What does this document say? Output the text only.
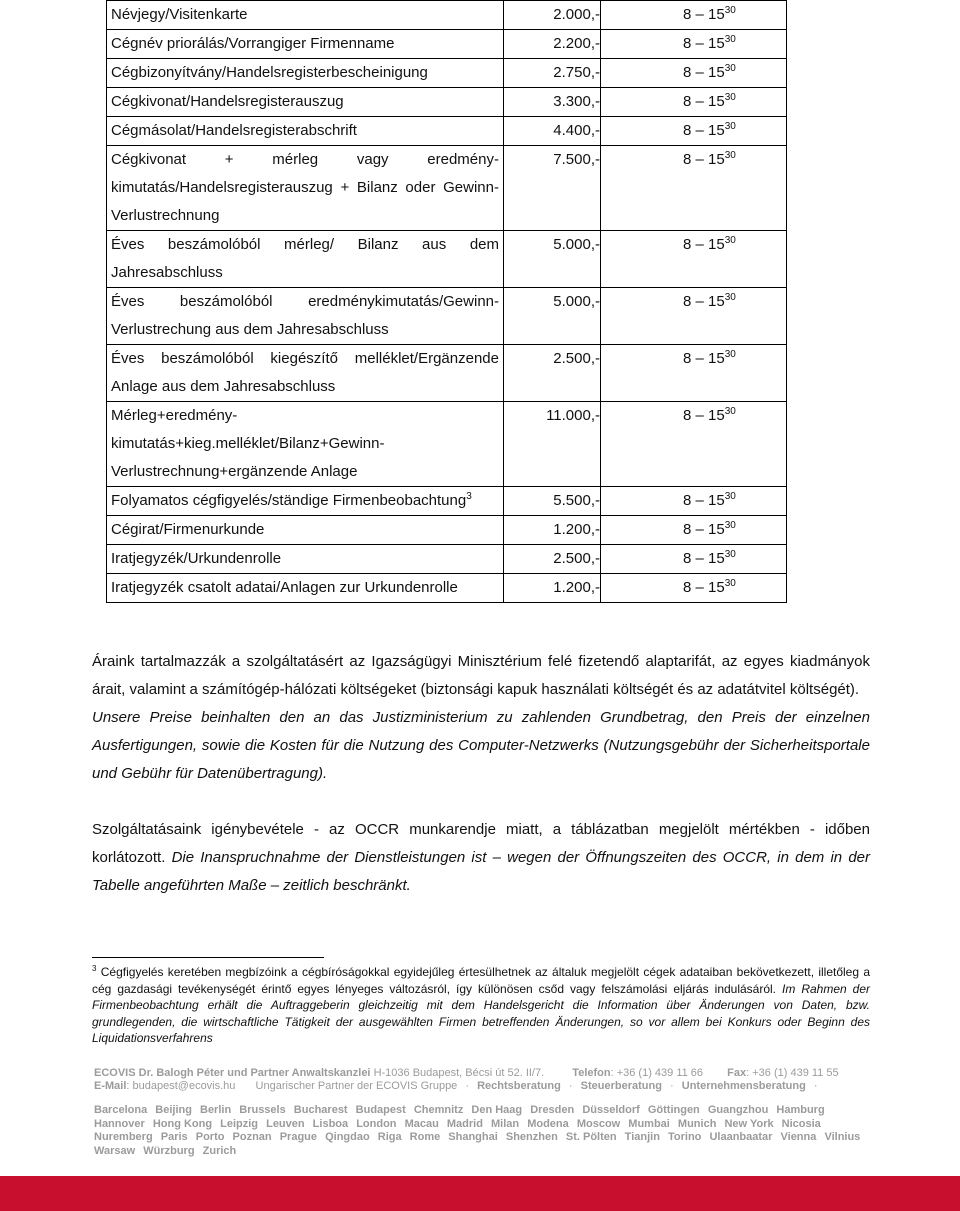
Névjegy/Visitenkarte	2.000,-	$8 - 15^{30}$
Cégnév priorálás/Vorrangiger Firmenname	2.200,-	$8 - 15^{30}$
Cégbizonyítvány/Handelsregisterbescheinigung	2.750,-	$8 - 15^{30}$
Cégkivonat/Handelsregisterauszug	3.300,-	$8 - 15^{30}$
Cégmásolat/Handelsregisterabschrift	4.400,-	$8 - 15^{30}$
Cégkivonat + mérleg vagy eredmény-kimutatás/Handelsregisterauszug + Bilanz oder Gewinn-Verlustrechnung	7.500,-	$8 - 15^{30}$
Éves beszámolóból mérleg/ Bilanz aus dem Jahresabschluss	5.000,-	$8 - 15^{30}$
Éves beszámolóból eredménykimutatás/Gewinn-Verlustrechung aus dem Jahresabschluss	5.000,-	$8 - 15^{30}$
Éves beszámolóból kiegészítő melléklet/Ergänzende Anlage aus dem Jahresabschluss	2.500,-	$8 - 15^{30}$
Mérleg+eredmény-kimutatás+kieg.melléklet/Bilanz+Gewinn-Verlustrechnung+ergänzende Anlage	11.000,-	$8 - 15^{30}$
Folyamatos cégfigyelés/ständige Firmenbeobachtung$^3$	5.500,-	$8 - 15^{30}$
Cégirat/Firmenurkunde	1.200,-	$8 - 15^{30}$
Iratjegyzék/Urkundenrolle	2.500,-	$8 - 15^{30}$
Iratjegyzék csatolt adatai/Anlagen zur Urkundenrolle	1.200,-	$8 - 15^{30}$
Áraink tartalmazzák a szolgáltatásért az Igazságügyi Minisztérium felé fizetendő alaptarifát, az egyes kiadmányok árait, valamint a számítógép-hálózati költségeket (biztonsági kapuk használati költségét és az adatátvitel költségét).
Unsere Preise beinhalten den an das Justizministerium zu zahlenden Grundbetrag, den Preis der einzelnen Ausfertigungen, sowie die Kosten für die Nutzung des Computer-Netzwerks (Nutzungsgebühr der Sicherheitsportale und Gebühr für Datenübertragung).
Szolgáltatásaink igénybevétele - az OCCR munkarendje miatt, a táblázatban megjelölt mértékben - időben korlátozott. Die Inanspruchnahme der Dienstleistungen ist – wegen der Öffnungszeiten des OCCR, in dem in der Tabelle angeführten Maße – zeitlich beschränkt.
$^3$ Cégfigyelés keretében megbízóink a cégbíróságokkal egyidejűleg értesülhetnek az általuk megjelölt cégek adataiban bekövetkezett, illetőleg a cég gazdasági tevékenységét érintő egyes lényeges változásról, így különösen csőd vagy felszámolási eljárás indulásáról. Im Rahmen der Firmenbeobachtung erhält die Auftraggeberin gleichzeitig mit dem Handelsgericht die Information über Änderungen von Daten, bzw. grundlegenden, die wirtschaftliche Tätigkeit der ausgewählten Firmen betreffenden Änderungen, so vor allem bei Konkurs oder Beginn des Liquidationsverfahrens
ECOVIS Dr. Balogh Péter und Partner Anwaltskanzlei H-1036 Budapest, Bécsi út 52. II/7.	Telefon: +36 (1) 439 11 66 Fax: +36 (1) 439 11 55
E-Mail: budapest@ecovis.hu Ungarischer Partner der ECOVIS Gruppe · Rechtsberatung · Steuerberatung · Unternehmensberatung ·
Barcelona Beijing Berlin Brussels Bucharest Budapest Chemnitz Den Haag Dresden Düsseldorf Göttingen Guangzhou Hamburg Hannover Hong Kong Leipzig Leuven Lisboa London Macau Madrid Milan Modena Moscow Mumbai Munich New York Nicosia Nuremberg Paris Porto Poznan Prague Qingdao Riga Rome Shanghai Shenzhen St. Pölten Tianjin Torino Ulaanbaatar Vienna Vilnius Warsaw Würzburg Zurich
